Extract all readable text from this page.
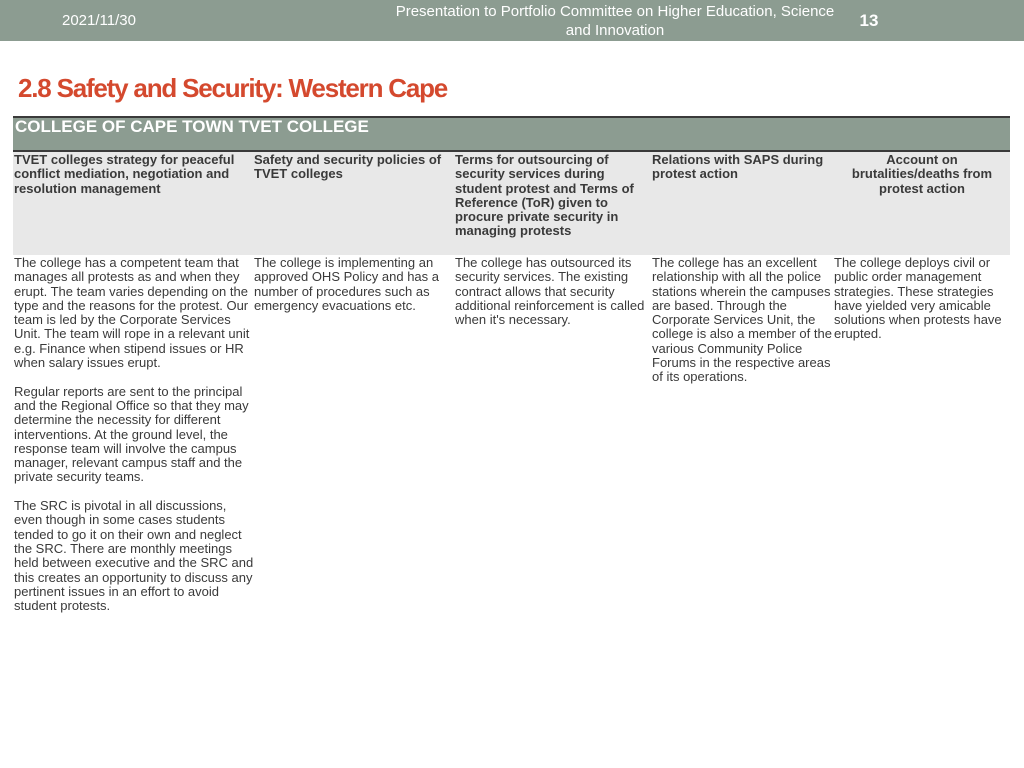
2021/11/30
Presentation to Portfolio Committee on Higher Education, Science and Innovation
13
2.8 Safety and Security: Western Cape
COLLEGE OF CAPE TOWN TVET COLLEGE
TVET colleges strategy for peaceful conflict mediation, negotiation and resolution management
Safety and security policies of TVET colleges
Terms for outsourcing of security services during student protest and Terms of Reference (ToR) given to procure private security in managing protests
Relations with SAPS during protest action
Account on brutalities/deaths from protest action

The college has a competent team that manages all protests as and when they erupt. The team varies depending on the type and the reasons for the protest. Our team is led by the Corporate Services Unit. The team will rope in a relevant unit e.g. Finance when stipend issues or HR when salary issues erupt.

Regular reports are sent to the principal and the Regional Office so that they may determine the necessity for different interventions. At the ground level, the response team will involve the campus manager, relevant campus staff and the private security teams.

The SRC is pivotal in all discussions, even though in some cases students tended to go it on their own and neglect the SRC. There are monthly meetings held between executive and the SRC and this creates an opportunity to discuss any pertinent issues in an effort to avoid student protests.

The college is implementing an approved OHS Policy and has a number of procedures such as emergency evacuations etc.
The college has outsourced its security services. The existing contract allows that security additional reinforcement is called when it's necessary.
The college has an excellent relationship with all the police stations wherein the campuses are based. Through the Corporate Services Unit, the college is also a member of the various Community Police Forums in the respective areas of its operations.
The college deploys civil or public order management strategies. These strategies have yielded very amicable solutions when protests have erupted.
